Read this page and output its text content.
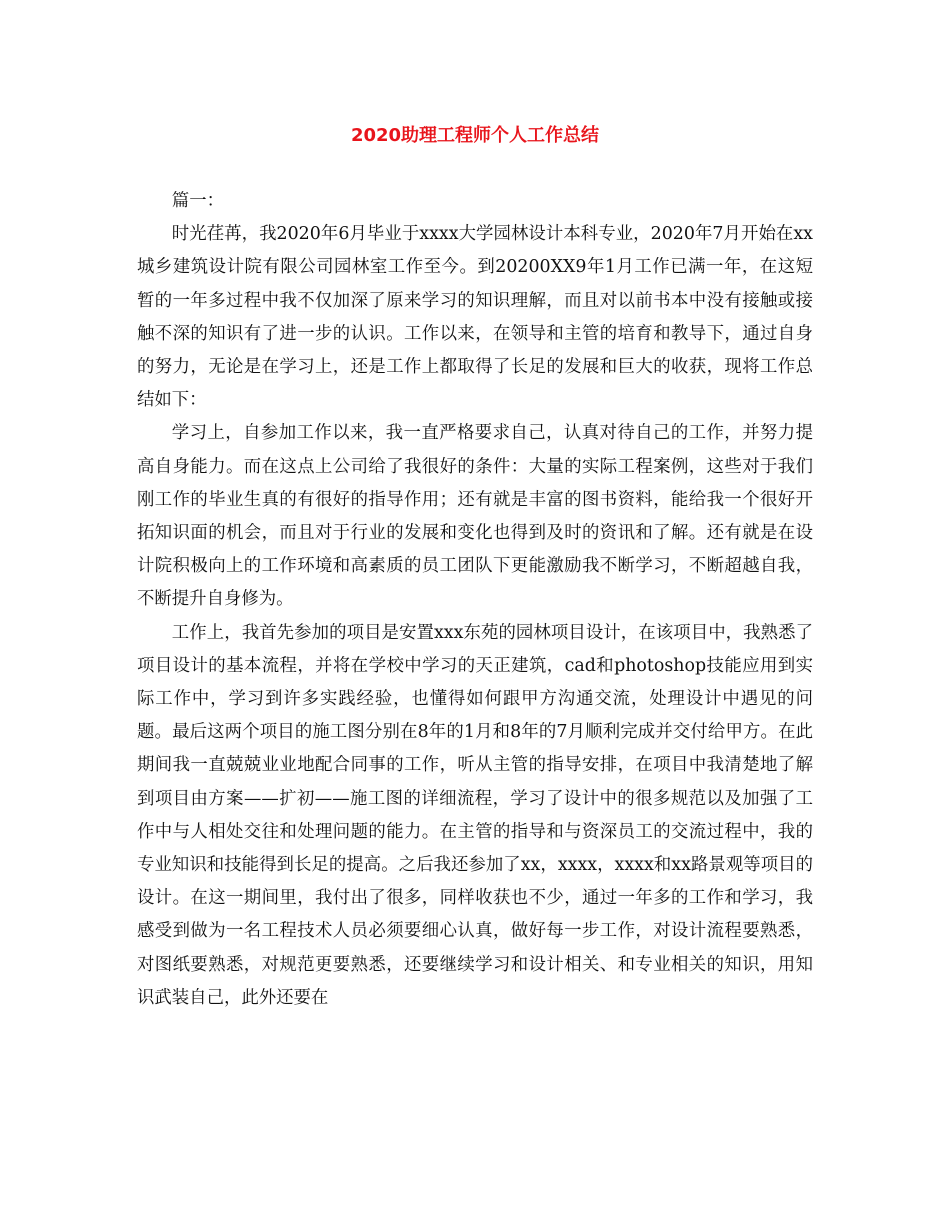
2020助理工程师个人工作总结

篇一：

时光荏苒，我2020年6月毕业于xxxx大学园林设计本科专业，2020年7月开始在xx城乡建筑设计院有限公司园林室工作至今。到20200XX9年1月工作已满一年，在这短暂的一年多过程中我不仅加深了原来学习的知识理解，而且对以前书本中没有接触或接触不深的知识有了进一步的认识。工作以来，在领导和主管的培育和教导下，通过自身的努力，无论是在学习上，还是工作上都取得了长足的发展和巨大的收获，现将工作总结如下：

学习上，自参加工作以来，我一直严格要求自己，认真对待自己的工作，并努力提高自身能力。而在这点上公司给了我很好的条件：大量的实际工程案例，这些对于我们刚工作的毕业生真的有很好的指导作用；还有就是丰富的图书资料，能给我一个很好开拓知识面的机会，而且对于行业的发展和变化也得到及时的资讯和了解。还有就是在设计院积极向上的工作环境和高素质的员工团队下更能激励我不断学习，不断超越自我，不断提升自身修为。

工作上，我首先参加的项目是安置xxx东苑的园林项目设计，在该项目中，我熟悉了项目设计的基本流程，并将在学校中学习的天正建筑，cad和photoshop技能应用到实际工作中，学习到许多实践经验，也懂得如何跟甲方沟通交流，处理设计中遇见的问题。最后这两个项目的施工图分别在8年的1月和8年的7月顺利完成并交付给甲方。在此期间我一直兢兢业业地配合同事的工作，听从主管的指导安排，在项目中我清楚地了解到项目由方案——扩初——施工图的详细流程，学习了设计中的很多规范以及加强了工作中与人相处交往和处理问题的能力。在主管的指导和与资深员工的交流过程中，我的专业知识和技能得到长足的提高。之后我还参加了xx，xxxx，xxxx和xx路景观等项目的设计。在这一期间里，我付出了很多，同样收获也不少，通过一年多的工作和学习，我感受到做为一名工程技术人员必须要细心认真，做好每一步工作，对设计流程要熟悉，对图纸要熟悉，对规范更要熟悉，还要继续学习和设计相关、和专业相关的知识，用知识武装自己，此外还要在
